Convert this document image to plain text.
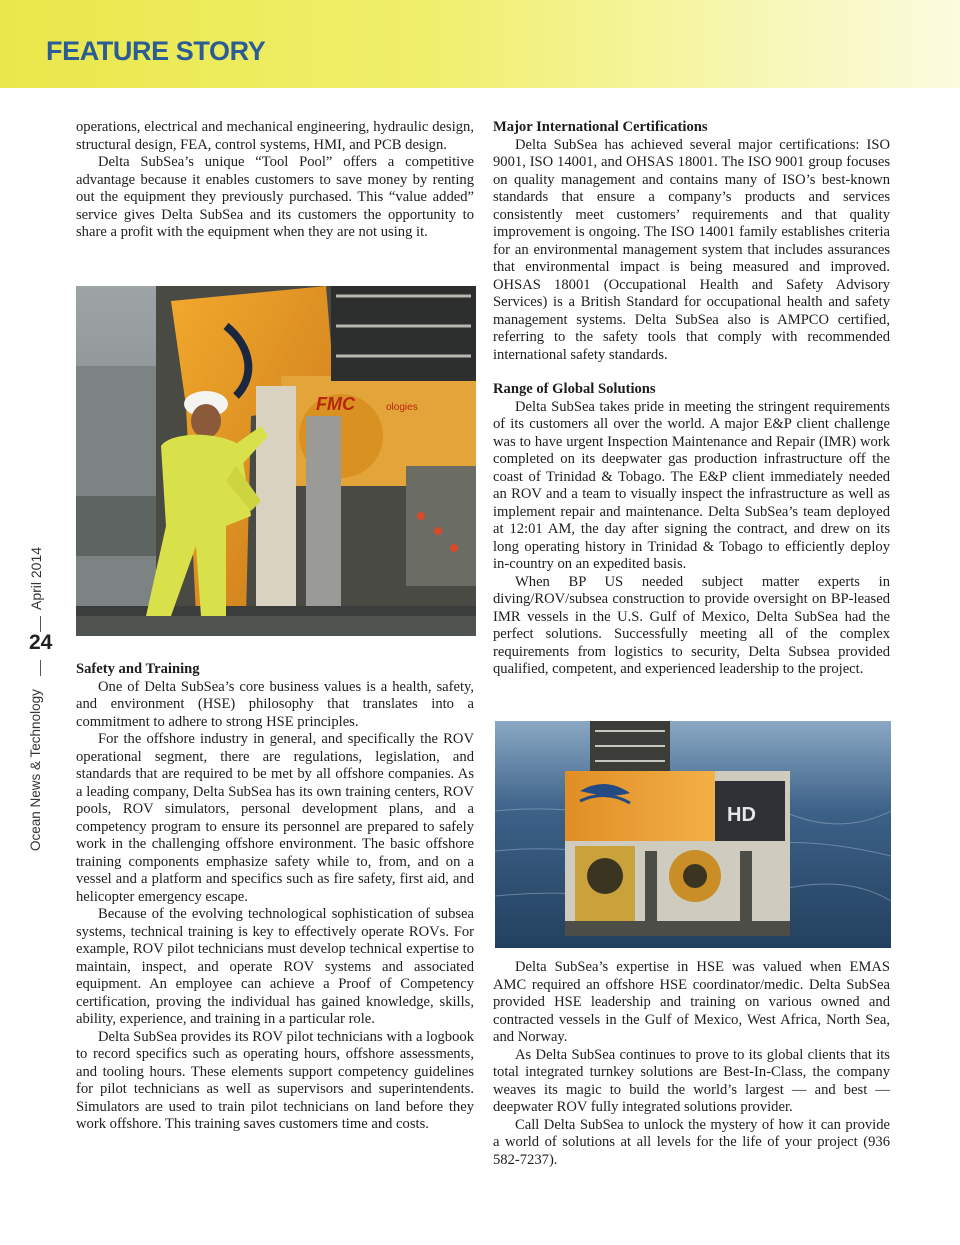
FEATURE STORY
April 2014
24
Ocean News & Technology

operations, electrical and mechanical engineering, hydraulic design, structural design, FEA, control systems, HMI, and PCB design.

Delta SubSea’s unique “Tool Pool” offers a competitive advantage because it enables customers to save money by renting out the equipment they previously purchased. This “value added” service gives Delta SubSea and its customers the opportunity to share a profit with the equipment when they are not using it.

FMC	ologies
Safety and Training

One of Delta SubSea’s core business values is a health, safety, and environment (HSE) philosophy that translates into a commitment to adhere to strong HSE principles.

For the offshore industry in general, and specifically the ROV operational segment, there are regulations, legislation, and standards that are required to be met by all offshore companies. As a leading company, Delta SubSea has its own training centers, ROV pools, ROV simulators, personal development plans, and a competency program to ensure its personnel are prepared to safely work in the challenging offshore environment. The basic offshore training components emphasize safety while to, from, and on a vessel and a platform and specifics such as fire safety, first aid, and helicopter emergency escape.

Because of the evolving technological sophistication of subsea systems, technical training is key to effectively operate ROVs. For example, ROV pilot technicians must develop technical expertise to maintain, inspect, and operate ROV systems and associated equipment. An employee can achieve a Proof of Competency certification, proving the individual has gained knowledge, skills, ability, experience, and training in a particular role.

Delta SubSea provides its ROV pilot technicians with a logbook to record specifics such as operating hours, offshore assessments, and tooling hours. These elements support competency guidelines for pilot technicians as well as supervisors and superintendents. Simulators are used to train pilot technicians on land before they work offshore. This training saves customers time and costs.

Major International Certifications

Delta SubSea has achieved several major certifications: ISO 9001, ISO 14001, and OHSAS 18001. The ISO 9001 group focuses on quality management and contains many of ISO’s best-known standards that ensure a company’s products and services consistently meet customers’ requirements and that quality improvement is ongoing. The ISO 14001 family establishes criteria for an environmental management system that includes assurances that environmental impact is being measured and improved. OHSAS 18001 (Occupational Health and Safety Advisory Services) is a British Standard for occupational health and safety management systems. Delta SubSea also is AMPCO certified, referring to the safety tools that comply with recommended international safety standards.

Range of Global Solutions

Delta SubSea takes pride in meeting the stringent requirements of its customers all over the world. A major E&P client challenge was to have urgent Inspection Maintenance and Repair (IMR) work completed on its deepwater gas production infrastructure off the coast of Trinidad & Tobago. The E&P client immediately needed an ROV and a team to visually inspect the infrastructure as well as implement repair and maintenance. Delta SubSea’s team deployed at 12:01 AM, the day after signing the contract, and drew on its long operating history in Trinidad & Tobago to efficiently deploy in-country on an expedited basis.

When BP US needed subject matter experts in diving/ROV/subsea construction to provide oversight on BP-leased IMR vessels in the U.S. Gulf of Mexico, Delta SubSea had the perfect solutions. Successfully meeting all of the complex requirements from logistics to security, Delta Subsea provided qualified, competent, and experienced leadership to the project.

HD

Delta SubSea’s expertise in HSE was valued when EMAS AMC required an offshore HSE coordinator/medic. Delta SubSea provided HSE leadership and training on various owned and contracted vessels in the Gulf of Mexico, West Africa, North Sea, and Norway.

As Delta SubSea continues to prove to its global clients that its total integrated turnkey solutions are Best-In-Class, the company weaves its magic to build the world’s largest — and best — deepwater ROV fully integrated solutions provider.

Call Delta SubSea to unlock the mystery of how it can provide a world of solutions at all levels for the life of your project (936 582-7237).
